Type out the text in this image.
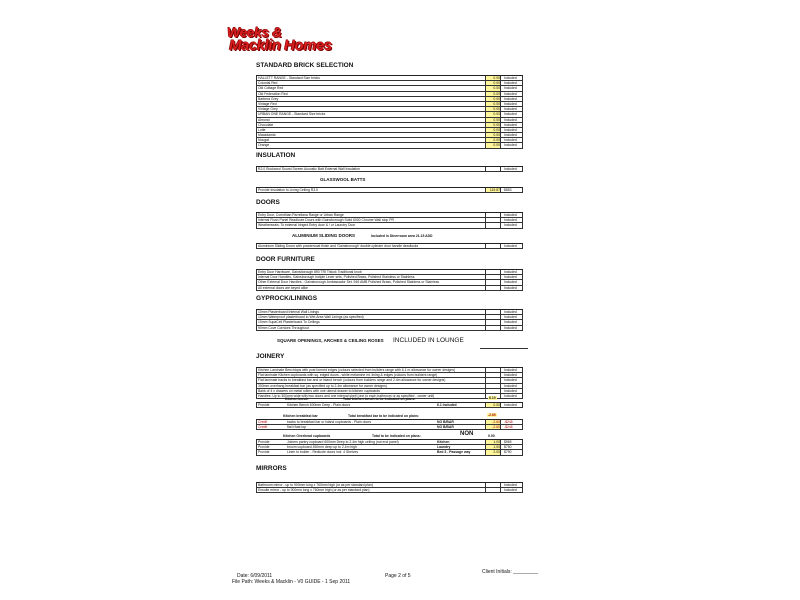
Weeks &
Macklin Homes
STANDARD BRICK SELECTION
HALLETT RANGE - Standard Size bricks	0.00 Included
Colonial Red	0.00 Included
Old Cottage Red	0.00 Included
Old Federation Red	0.00 Included
Barbera Grey	0.00 Included
Vintage Red	0.00 Included
Vintage Grey	0.00 Included
URBAN ONE RANGE - Standard Size bricks	0.00 Included
Almond	0.00 Included
Chocolate	0.00 Included
Lotte	0.00 Included
Macadamia	0.00 Included
Nougat	0.00 Included
Orange	0.00 Included
INSULATION
R2.0 Rockwool Sound Screen Acoustic Batt External Wall Insulation	Included
GLASSWOOL BATTS
Provide Insulation to Living Ceiling R3.5	119.87 $853
DOORS
Entry Door, Corinthian Parreliana Range or Urban Range	Included
Internal Flush Panel Readicote Doors with Gainsborough Solid 6000 Chrome Wall stop PR	Included
Weatherseals: To external hinged Entry door & / or Laundry Door	Included
ALUMINIUM SLIDING DOORS	Included in Dinerroom area 21.15 ADD
Aluminium Sliding Doors with powdercoat finish and 'Gainsborough' double cylinder door handle deadlocks	Included
DOOR FURNITURE
Entry Door Hardware, Gainsborough 890 TRI Trilock Traditional knob	Included
Internal Door Handles, Gainsborough Indiple Lever sets, Polished Brass, Polished Stainless or Stainless	Included
Other External Door Handles - Gainsborough Ambassador Set, 946 AMB Polished Brass, Polished Stainless or Stainless	Included
All external doors are keyed alike	Included
GYPROCK/LININGS
10mm Plasterboard Internal Wall Linings	Included
10mm Waterproof plasterboard to Wet Area Wall Linings (as specified)	Included
10mm SupaCeil Plasterboard To Ceilings	Included
90mm Cove Cornices Throughout	Included
SQUARE OPENINGS, ARCHES & CEILING ROSES INCLUDED IN LOUNGE
JOINERY
Kitchen Laminate Benchtops with post formed edges (colours selected from builders range with 6.1 m allowance for owner designs)	Included
Flat laminate Kitchen cupboards with sq. edged doors - white melamine int. lining & edges (colours from builders range)	Included
Flat laminate backs to breakfast bar and or island bench (colours from builders range and 2.4m allowance for owner designs)	Included
300mm overhang breakfast bar (as specified up to 2.4m allowance for owner designs)	Included
Bank of 4 x drawers on metal rollers with one utensil drawer to kitchen cupboards	Included
Handles: Up to 300mm wide with two doors and one internal shelf (one to each bathroom or as specified - owner unit)	Included
Kitchen bench	Total kitchen bench to be indicated on plans:	6.10
Provide	Kitchen Bench 600mm Deep - Plain doors	6.1 Included	0.00 Included
Kitchen breakfast bar	Total breakfast bar to be indicated on plans:	-2.60
Credit	backs to breakfast bar or Island cupboards - Plain doors	NO B/BAR	-2.60 -$246
Credit	flat b'fast top	NO B/BAR	-2.60 -$246
Kitchen Overhead cupboards	Total to be indicated on plans:	NON	0.00
Provide	Joiners pantry cupboard 600mm Deep to 2.4m high ceiling (not end panel)	Kitchen	1.00 $965
Provide	broom cupboard 450mm deep up to 2.4m high	Laundry	1.00 $750
Provide	Linen to bolder - Redicote doors incl. 4 Shelves	Bed 3 - Passage way	2.00 $790
MIRRORS
Bathroom mirror - up to 900mm long x 760mm high (or as per standard plan)	Included
Ensuite mirror - up to 900mm long x 760mm high (or as per standard plan)	Included
Date: 6/09/2011
File Path: Weeks & Macklin - V0 GUIDE - 1 Sep 2011
Page 2 of 5
Client Initials: _________
